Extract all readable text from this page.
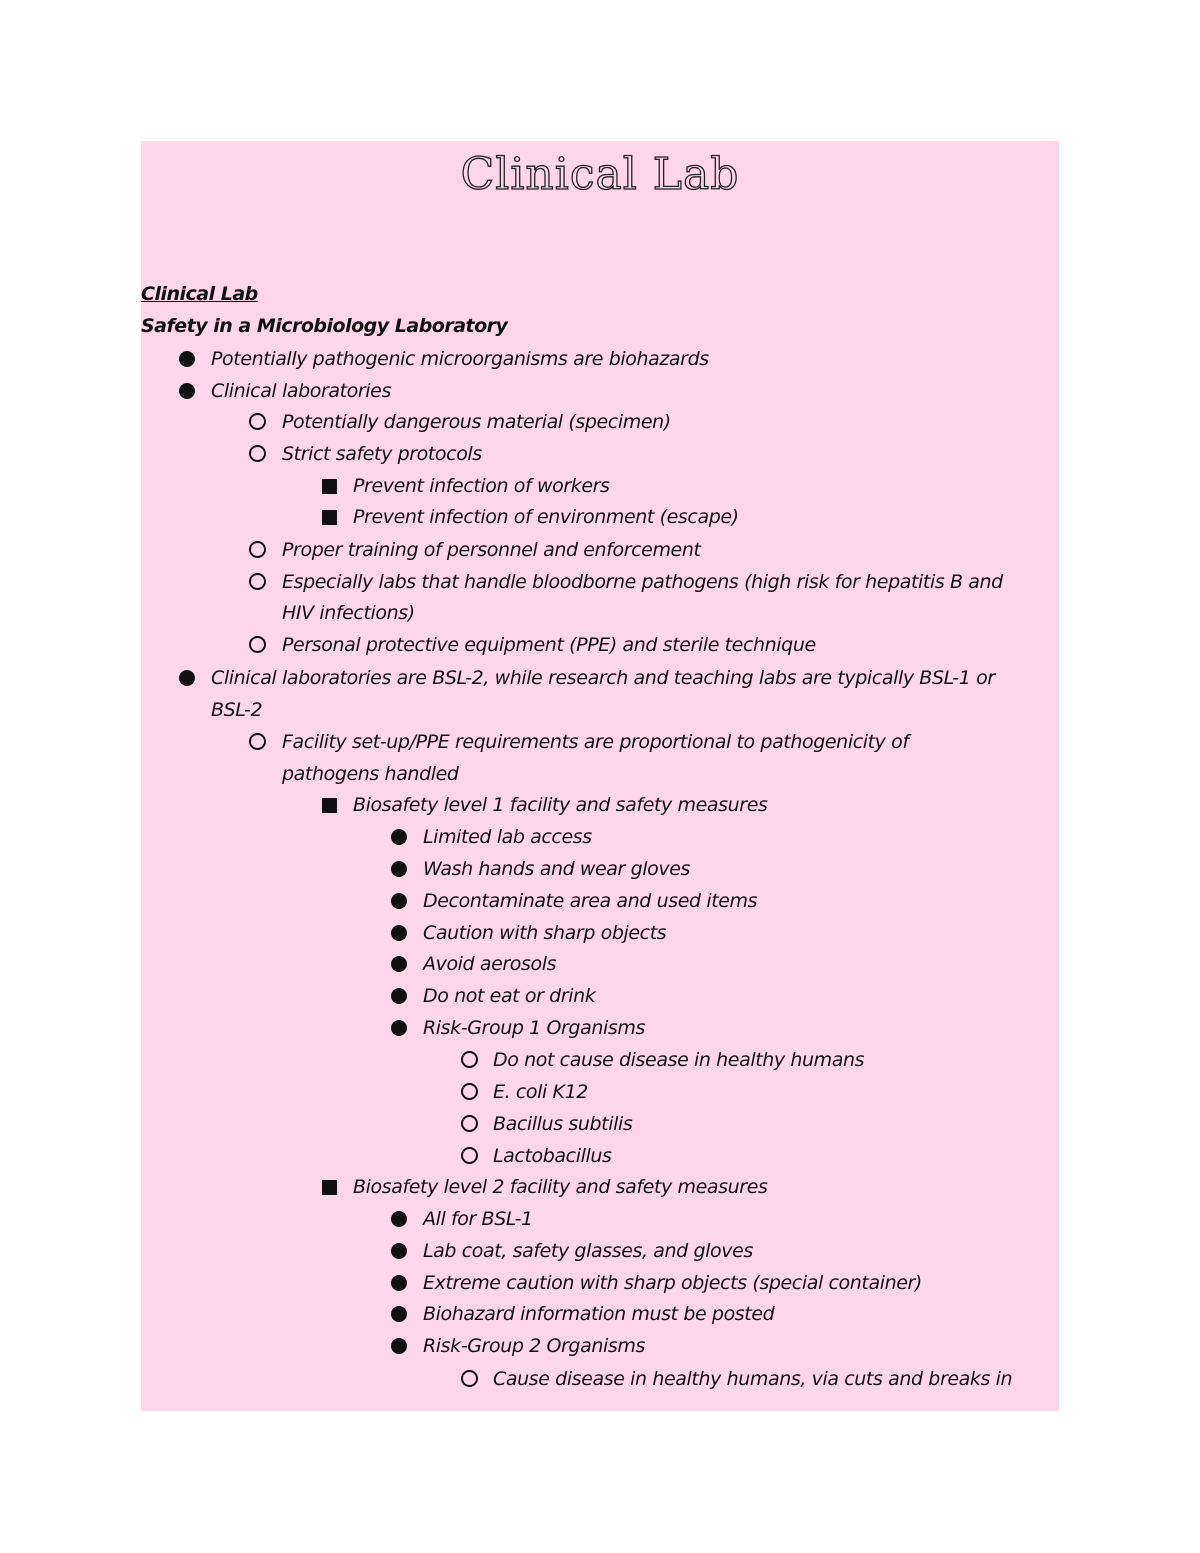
Clinical Lab
Clinical Lab
Safety in a Microbiology Laboratory
Potentially pathogenic microorganisms are biohazards
Clinical laboratories
Potentially dangerous material (specimen)
Strict safety protocols
Prevent infection of workers
Prevent infection of environment (escape)
Proper training of personnel and enforcement
Especially labs that handle bloodborne pathogens (high risk for hepatitis B and
HIV infections)
Personal protective equipment (PPE) and sterile technique
Clinical laboratories are BSL-2, while research and teaching labs are typically BSL-1 or
BSL-2
Facility set-up/PPE requirements are proportional to pathogenicity of
pathogens handled
Biosafety level 1 facility and safety measures
Limited lab access
Wash hands and wear gloves
Decontaminate area and used items
Caution with sharp objects
Avoid aerosols
Do not eat or drink
Risk-Group 1 Organisms
Do not cause disease in healthy humans
E. coli K12
Bacillus subtilis
Lactobacillus
Biosafety level 2 facility and safety measures
All for BSL-1
Lab coat, safety glasses, and gloves
Extreme caution with sharp objects (special container)
Biohazard information must be posted
Risk-Group 2 Organisms
Cause disease in healthy humans, via cuts and breaks in
